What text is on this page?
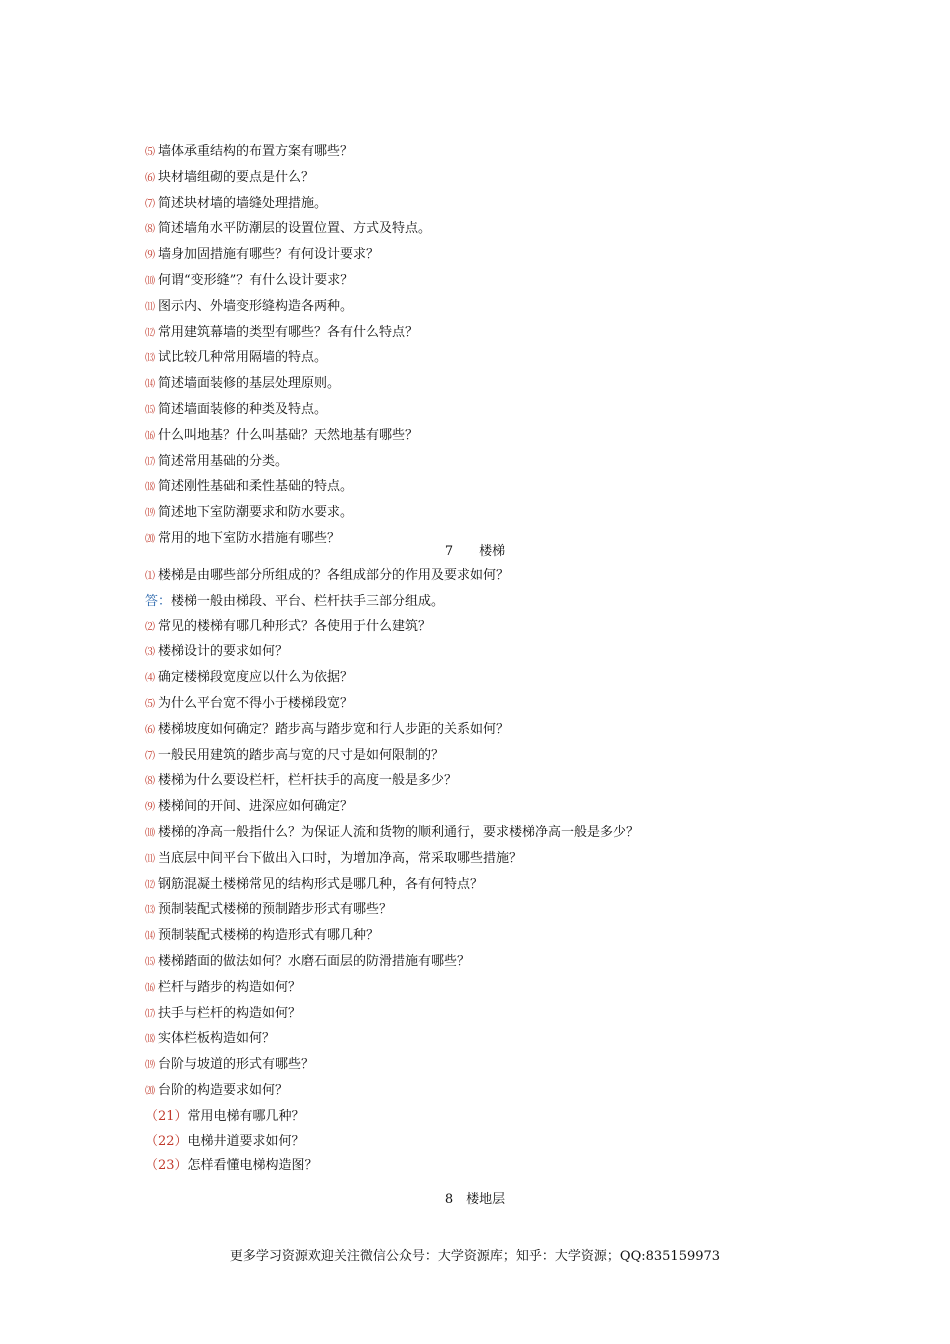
⑸ 墙体承重结构的布置方案有哪些？
⑹ 块材墙组砌的要点是什么？
⑺ 简述块材墙的墙缝处理措施。
⑻ 简述墙角水平防潮层的设置位置、方式及特点。
⑼ 墙身加固措施有哪些？有何设计要求？
⑽ 何谓“变形缝”？有什么设计要求？
⑾ 图示内、外墙变形缝构造各两种。
⑿ 常用建筑幕墙的类型有哪些？各有什么特点？
⒀ 试比较几种常用隔墙的特点。
⒁ 简述墙面装修的基层处理原则。
⒂ 简述墙面装修的种类及特点。
⒃ 什么叫地基？什么叫基础？天然地基有哪些？
⒄ 简述常用基础的分类。
⒅ 简述刚性基础和柔性基础的特点。
⒆ 简述地下室防潮要求和防水要求。
⒇ 常用的地下室防水措施有哪些？
7　　楼梯
⑴ 楼梯是由哪些部分所组成的？各组成部分的作用及要求如何？
答：楼梯一般由梯段、平台、栏杆扶手三部分组成。
⑵ 常见的楼梯有哪几种形式？各使用于什么建筑？
⑶ 楼梯设计的要求如何？
⑷ 确定楼梯段宽度应以什么为依据？
⑸ 为什么平台宽不得小于楼梯段宽？
⑹ 楼梯坡度如何确定？踏步高与踏步宽和行人步距的关系如何？
⑺ 一般民用建筑的踏步高与宽的尺寸是如何限制的？
⑻ 楼梯为什么要设栏杆，栏杆扶手的高度一般是多少？
⑼ 楼梯间的开间、进深应如何确定？
⑽ 楼梯的净高一般指什么？为保证人流和货物的顺利通行，要求楼梯净高一般是多少？
⑾ 当底层中间平台下做出入口时，为增加净高，常采取哪些措施？
⑿ 钢筋混凝土楼梯常见的结构形式是哪几种，各有何特点？
⒀ 预制装配式楼梯的预制踏步形式有哪些？
⒁ 预制装配式楼梯的构造形式有哪几种？
⒂ 楼梯踏面的做法如何？水磨石面层的防滑措施有哪些？
⒃ 栏杆与踏步的构造如何？
⒄ 扶手与栏杆的构造如何？
⒅ 实体栏板构造如何？
⒆ 台阶与坡道的形式有哪些？
⒇ 台阶的构造要求如何？
（21）常用电梯有哪几种？
（22）电梯井道要求如何？
（23）怎样看懂电梯构造图？
8　楼地层
更多学习资源欢迎关注微信公众号：大学资源库；知乎：大学资源；QQ:835159973
